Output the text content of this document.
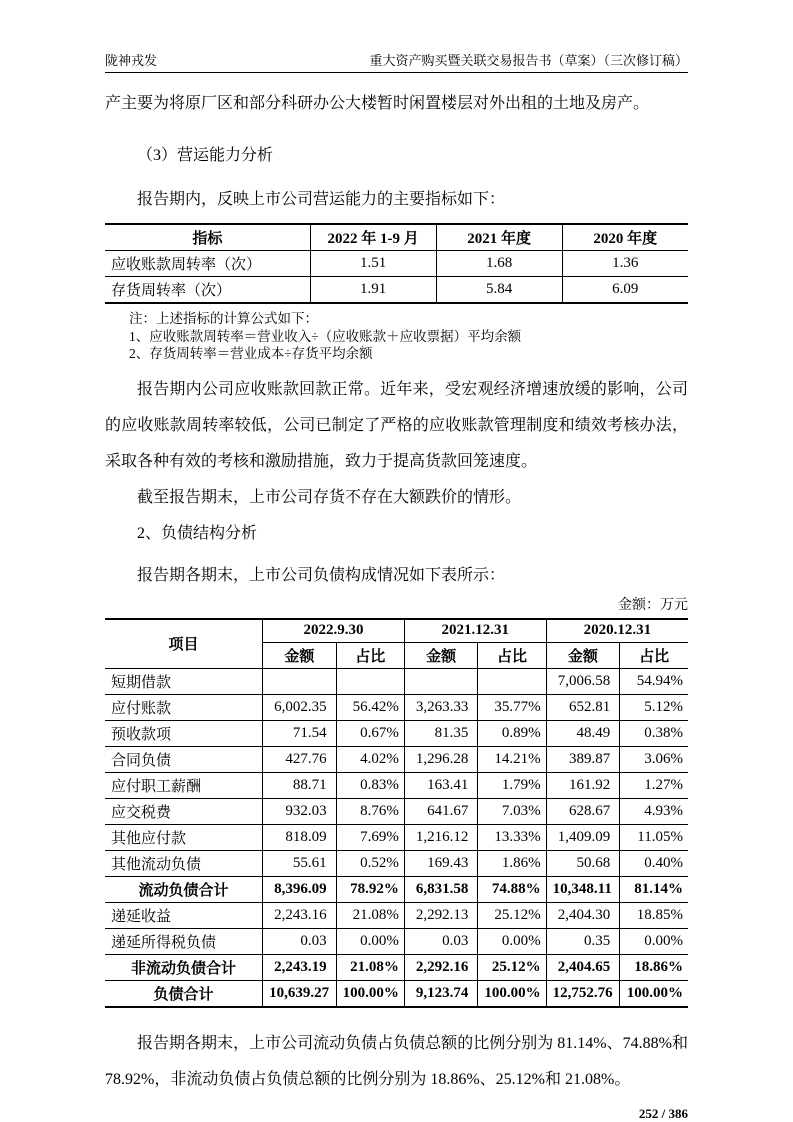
陇神戎发	重大资产购买暨关联交易报告书（草案）（三次修订稿）

产主要为将原厂区和部分科研办公大楼暂时闲置楼层对外出租的土地及房产。

（3）营运能力分析

报告期内，反映上市公司营运能力的主要指标如下：

指标	2022 年 1-9 月	2021 年度	2020 年度
应收账款周转率（次）	1.51	1.68	1.36
存货周转率（次）	1.91	5.84	6.09
注：上述指标的计算公式如下：
1、应收账款周转率＝营业收入÷（应收账款＋应收票据）平均余额
2、存货周转率＝营业成本÷存货平均余额

报告期内公司应收账款回款正常。近年来，受宏观经济增速放缓的影响，公司的应收账款周转率较低，公司已制定了严格的应收账款管理制度和绩效考核办法，采取各种有效的考核和激励措施，致力于提高货款回笼速度。

截至报告期末，上市公司存货不存在大额跌价的情形。

2、负债结构分析

报告期各期末，上市公司负债构成情况如下表所示：

金额：万元

项目	2022.9.30		2021.12.31		2020.12.31	
	金额	占比	金额	占比	金额	占比
短期借款					7,006.58	54.94%
应付账款	6,002.35	56.42%	3,263.33	35.77%	652.81	5.12%
预收款项	71.54	0.67%	81.35	0.89%	48.49	0.38%
合同负债	427.76	4.02%	1,296.28	14.21%	389.87	3.06%
应付职工薪酬	88.71	0.83%	163.41	1.79%	161.92	1.27%
应交税费	932.03	8.76%	641.67	7.03%	628.67	4.93%
其他应付款	818.09	7.69%	1,216.12	13.33%	1,409.09	11.05%
其他流动负债	55.61	0.52%	169.43	1.86%	50.68	0.40%
流动负债合计	8,396.09	78.92%	6,831.58	74.88%	10,348.11	81.14%
递延收益	2,243.16	21.08%	2,292.13	25.12%	2,404.30	18.85%
递延所得税负债	0.03	0.00%	0.03	0.00%	0.35	0.00%
非流动负债合计	2,243.19	21.08%	2,292.16	25.12%	2,404.65	18.86%
负债合计	10,639.27	100.00%	9,123.74	100.00%	12,752.76	100.00%

报告期各期末，上市公司流动负债占负债总额的比例分别为 81.14%、74.88%和 78.92%，非流动负债占负债总额的比例分别为 18.86%、25.12%和 21.08%。

252 / 386
